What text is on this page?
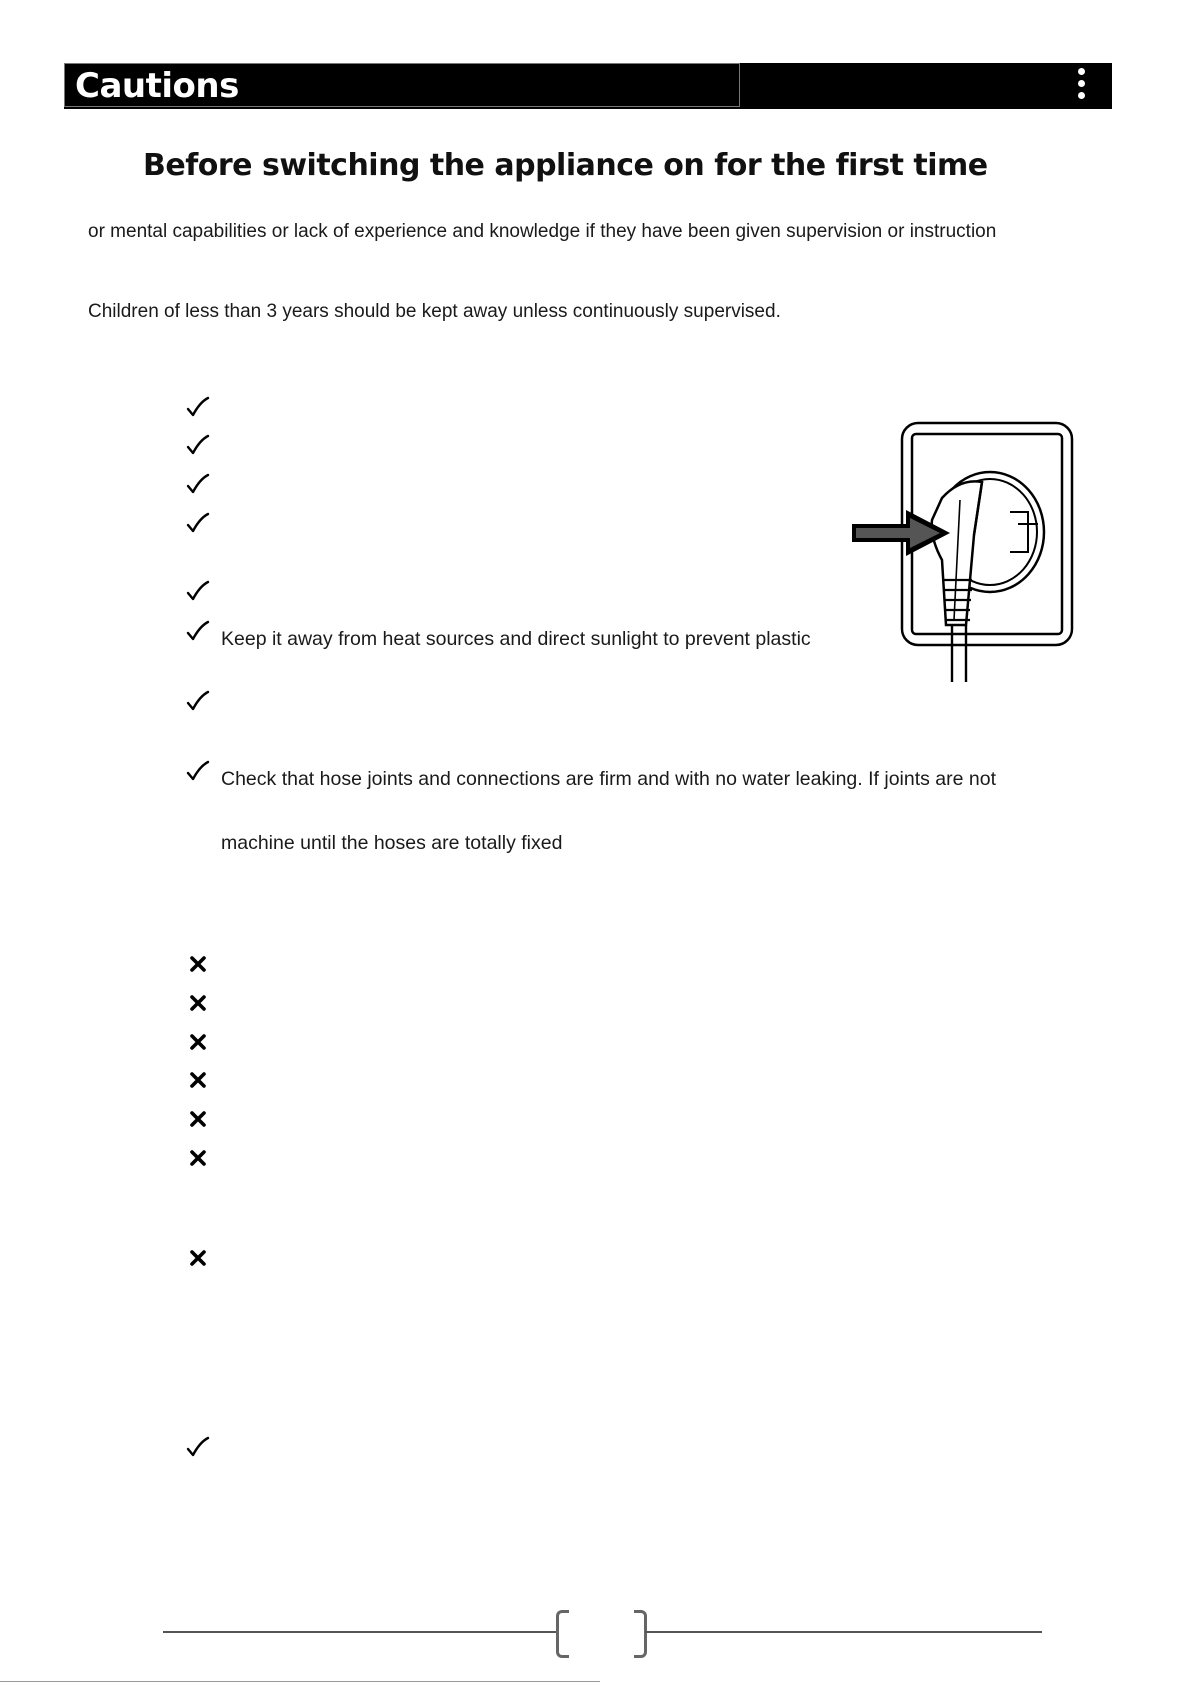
Cautions
Before switching the appliance on for the first time
or mental capabilities or lack of experience and knowledge if they have been given supervision or instruction
Children of less than 3 years should be kept away unless continuously supervised.
Keep it away from heat sources and direct sunlight to prevent plastic
Check that hose joints and connections are firm and with no water leaking. If joints are not
machine until the hoses are totally fixed
